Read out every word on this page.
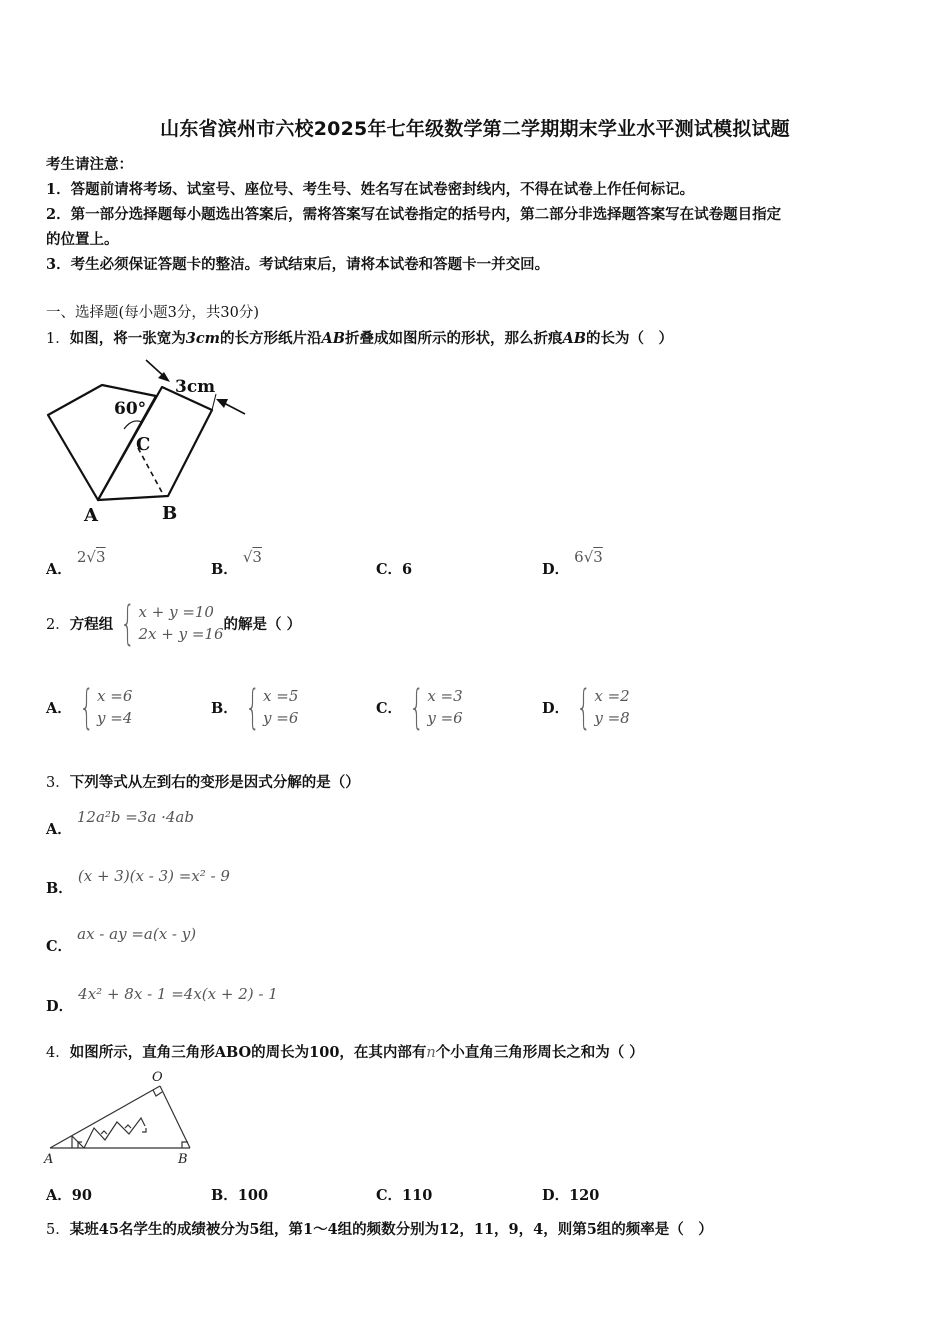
山东省滨州市六校2025年七年级数学第二学期期末学业水平测试模拟试题
考生请注意：
1．答题前请将考场、试室号、座位号、考生号、姓名写在试卷密封线内，不得在试卷上作任何标记。
2．第一部分选择题每小题选出答案后，需将答案写在试卷指定的括号内，第二部分非选择题答案写在试卷题目指定
的位置上。
3．考生必须保证答题卡的整洁。考试结束后，请将本试卷和答题卡一并交回。
一、选择题(每小题3分，共30分)
1．如图，将一张宽为3cm的长方形纸片沿AB折叠成如图所示的形状，那么折痕AB的长为（　）
3cm
60°
C
A	B
A． 2√3
B． √3
C．6	D． 6√3
2． 方程组 { x + y =10
2x + y =16
的解是（ ）
A． { x =6
y =4
B． { x =5
y =6
C． { x =3
y =6
D． { x =2
y =8
3．下列等式从左到右的变形是因式分解的是（）
A． 12a²b =3a ·4ab
B． (x + 3)(x - 3) =x² - 9
C． ax - ay =a(x - y)
D． 4x² + 8x - 1 =4x(x + 2) - 1
4．如图所示，直角三角形ABO的周长为100，在其内部有n个小直角三角形周长之和为（ ）
O
A	B
A．90	B．100	C．110	D．120
5．某班45名学生的成绩被分为5组，第1～4组的频数分别为12，11，9，4，则第5组的频率是（　）
